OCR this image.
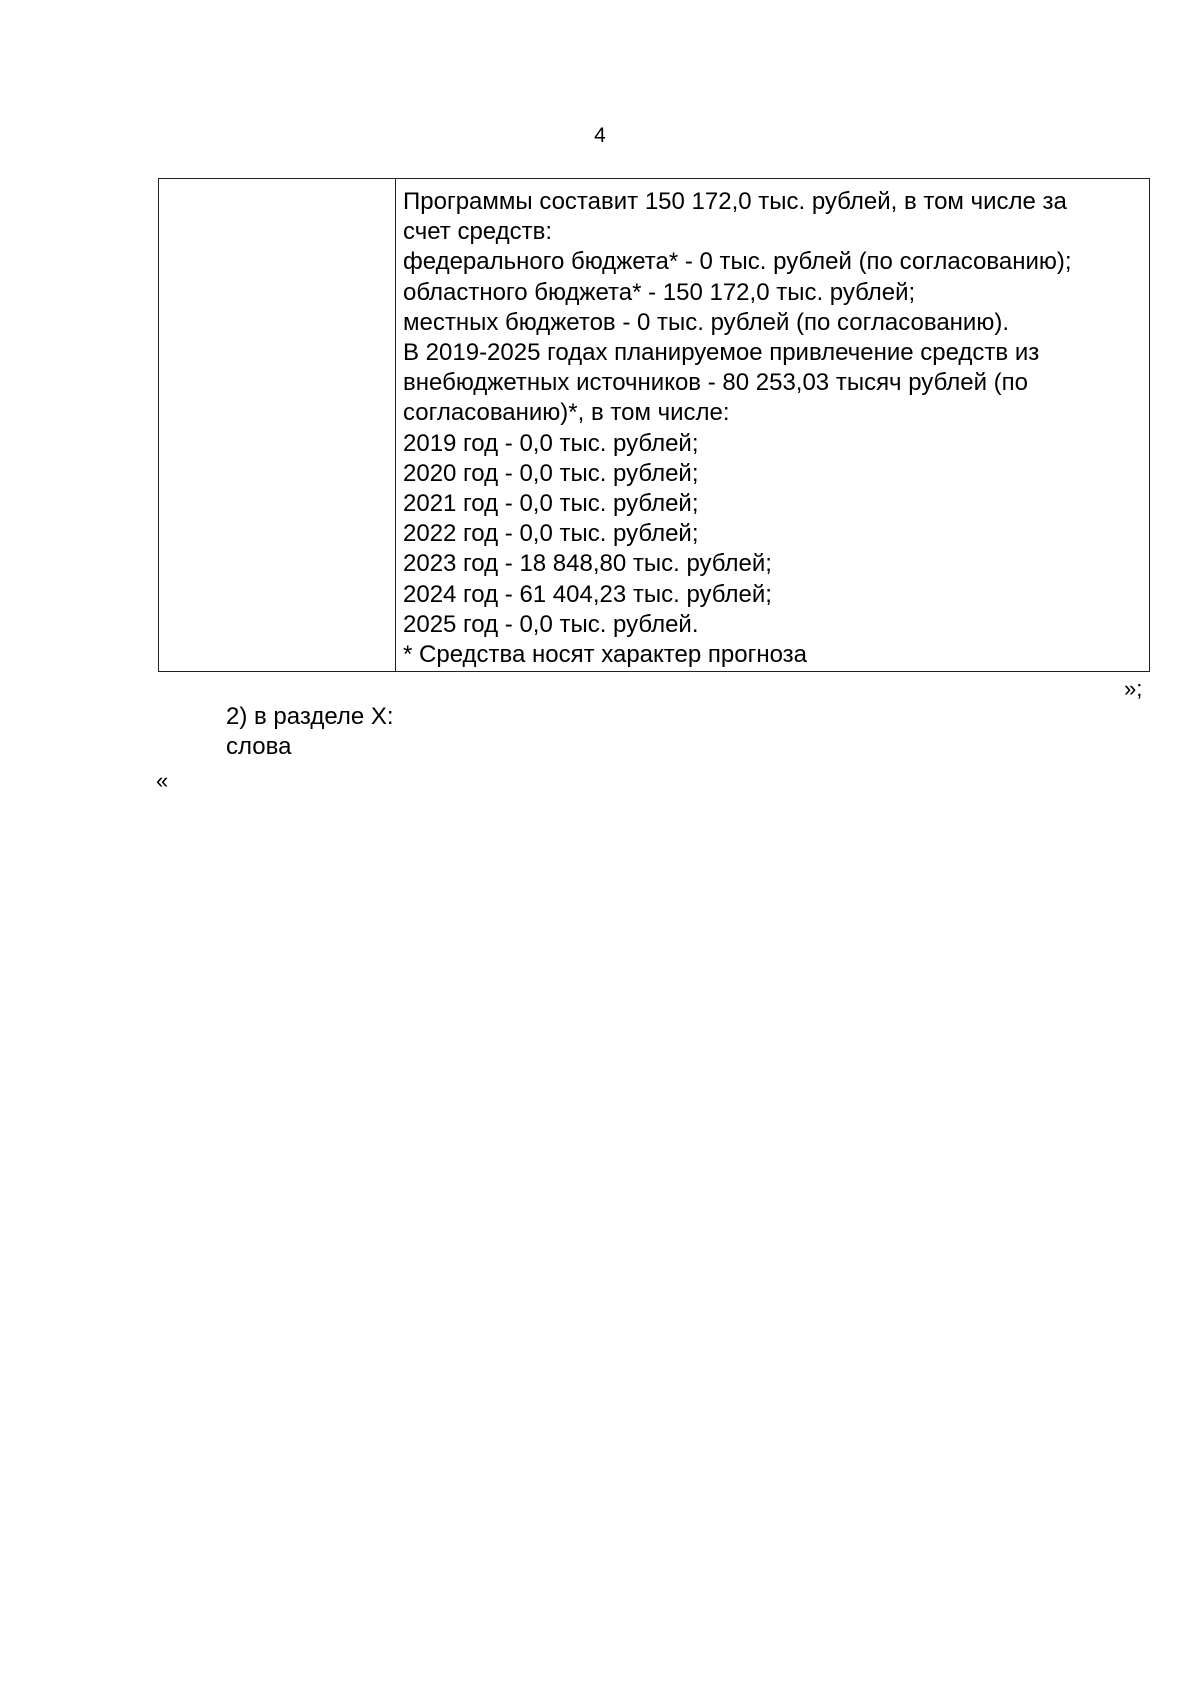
4

Программы составит 150 172,0 тыс. рублей, в том числе за
счет средств:
федерального бюджета* - 0 тыс. рублей (по согласованию);
областного бюджета* - 150 172,0 тыс. рублей;
местных бюджетов - 0 тыс. рублей (по согласованию).
В 2019-2025 годах планируемое привлечение средств из
внебюджетных источников - 80 253,03 тысяч рублей (по
согласованию)*, в том числе:
2019 год - 0,0 тыс. рублей;
2020 год - 0,0 тыс. рублей;
2021 год - 0,0 тыс. рублей;
2022 год - 0,0 тыс. рублей;
2023 год - 18 848,80 тыс. рублей;
2024 год - 61 404,23 тыс. рублей;
2025 год - 0,0 тыс. рублей.
* Средства носят характер прогноза
»;
2) в разделе X:
слова
«
